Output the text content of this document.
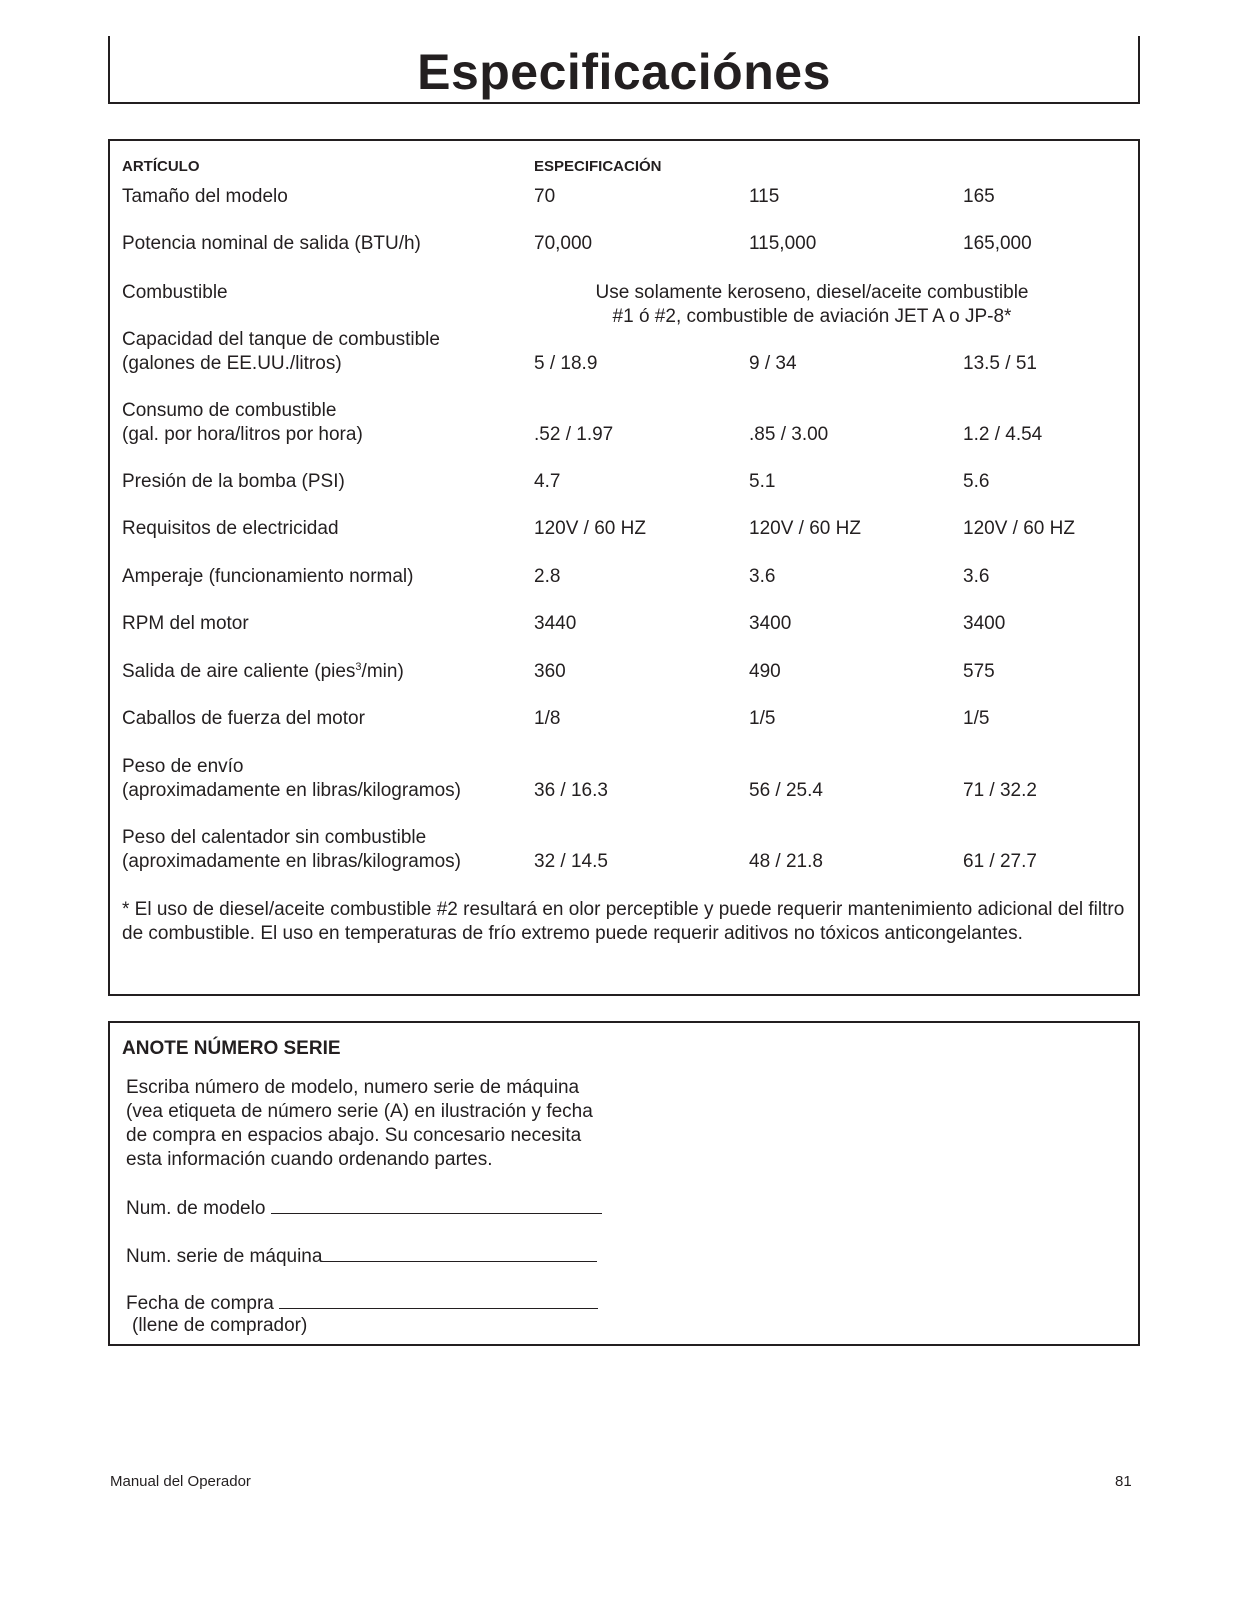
Especificaciónes
ARTÍCULO	ESPECIFICACIÓN
Tamaño del modelo	70	115	165
Potencia nominal de salida (BTU/h)	70,000	115,000	165,000
Combustible	Use solamente keroseno, diesel/aceite combustible
#1 ó #2, combustible de aviación JET A o JP-8*
Capacidad del tanque de combustible
(galones de EE.UU./litros)	5 / 18.9	9 / 34	13.5 / 51
Consumo de combustible
(gal. por hora/litros por hora)	.52 / 1.97	.85 / 3.00	1.2 / 4.54
Presión de la bomba (PSI)	4.7	5.1	5.6
Requisitos de electricidad	120V / 60 HZ	120V / 60 HZ	120V / 60 HZ
Amperaje (funcionamiento normal)	2.8	3.6	3.6
RPM del motor	3440	3400	3400
Salida de aire caliente (pies$^3$/min)	360	490	575
Caballos de fuerza del motor	1/8	1/5	1/5
Peso de envío
(aproximadamente en libras/kilogramos)	36 / 16.3	56 / 25.4	71 / 32.2
Peso del calentador sin combustible
(aproximadamente en libras/kilogramos)	32 / 14.5	48 / 21.8	61 / 27.7
* El uso de diesel/aceite combustible #2 resultará en olor perceptible y puede requerir mantenimiento adicional del filtro de combustible. El uso en temperaturas de frío extremo puede requerir aditivos no tóxicos anticongelantes.
ANOTE NÚMERO SERIE
Escriba número de modelo, numero serie de máquina
(vea etiqueta de número serie (A) en ilustración y fecha
de compra en espacios abajo. Su concesario necesita
esta información cuando ordenando partes.
Num. de modelo
Num. serie de máquina
Fecha de compra
(llene de comprador)
Manual del Operador	81
